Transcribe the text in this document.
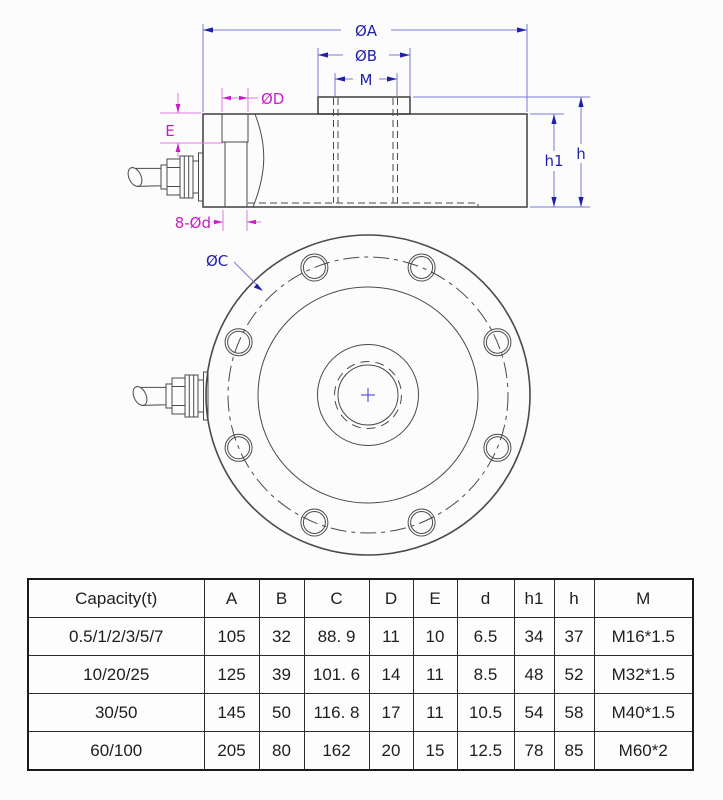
ØA
ØB
M
h1 h
ØD
E
8-Ød
ØC
Capacity(t)	A	B	C	D	E	d	h1	h	M
0.5/1/2/3/5/7	105	32	88. 9	11	10	6.5	34	37	M16*1.5
10/20/25	125	39	101. 6	14	11	8.5	48	52	M32*1.5
30/50	145	50	116. 8	17	11	10.5	54	58	M40*1.5
60/100	205	80	162	20	15	12.5	78	85	M60*2
